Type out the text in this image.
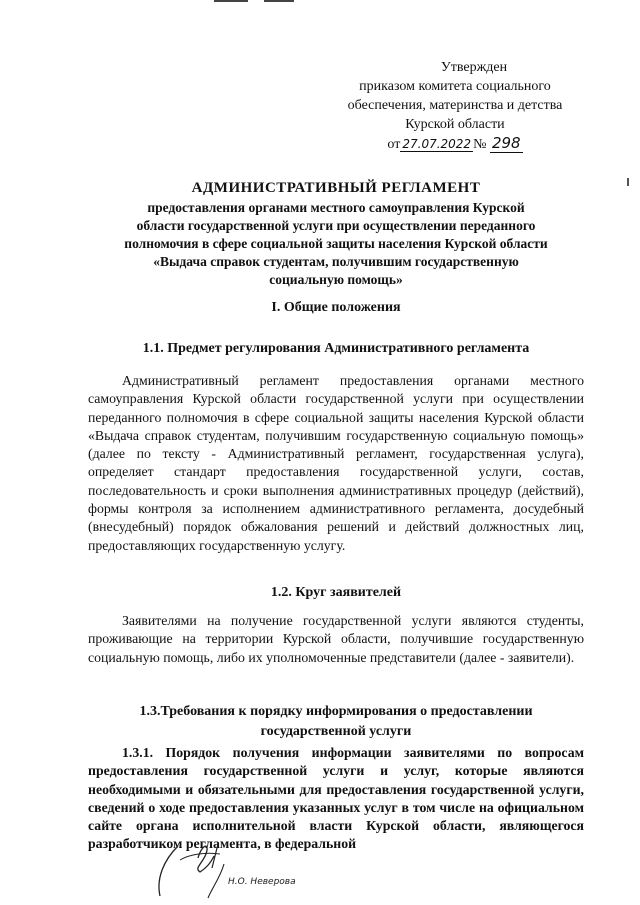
Утвержден
приказом комитета социального
обеспечения, материнства и детства
Курской области
от 27.07.2022 № 298
АДМИНИСТРАТИВНЫЙ РЕГЛАМЕНТ
предоставления органами местного самоуправления Курской
области государственной услуги при осуществлении переданного
полномочия в сфере социальной защиты населения Курской области
«Выдача справок студентам, получившим государственную
социальную помощь»
I. Общие положения
1.1. Предмет регулирования Административного регламента
Административный регламент предоставления органами местного самоуправления Курской области государственной услуги при осуществлении переданного полномочия в сфере социальной защиты населения Курской области «Выдача справок студентам, получившим государственную социальную помощь» (далее по тексту - Административный регламент, государственная услуга), определяет стандарт предоставления государственной услуги, состав, последовательность и сроки выполнения административных процедур (действий), формы контроля за исполнением административного регламента, досудебный (внесудебный) порядок обжалования решений и действий должностных лиц, предоставляющих государственную услугу.
1.2. Круг заявителей
Заявителями на получение государственной услуги являются студенты, проживающие на территории Курской области, получившие государственную социальную помощь, либо их уполномоченные представители (далее - заявители).
1.3.Требования к порядку информирования о предоставлении
государственной услуги
1.3.1. Порядок получения информации заявителями по вопросам предоставления государственной услуги и услуг, которые являются необходимыми и обязательными для предоставления государственной услуги, сведений о ходе предоставления указанных услуг в том числе на официальном сайте органа исполнительной власти Курской области, являющегося разработчиком регламента, в федеральной
Н.О. Неверова
